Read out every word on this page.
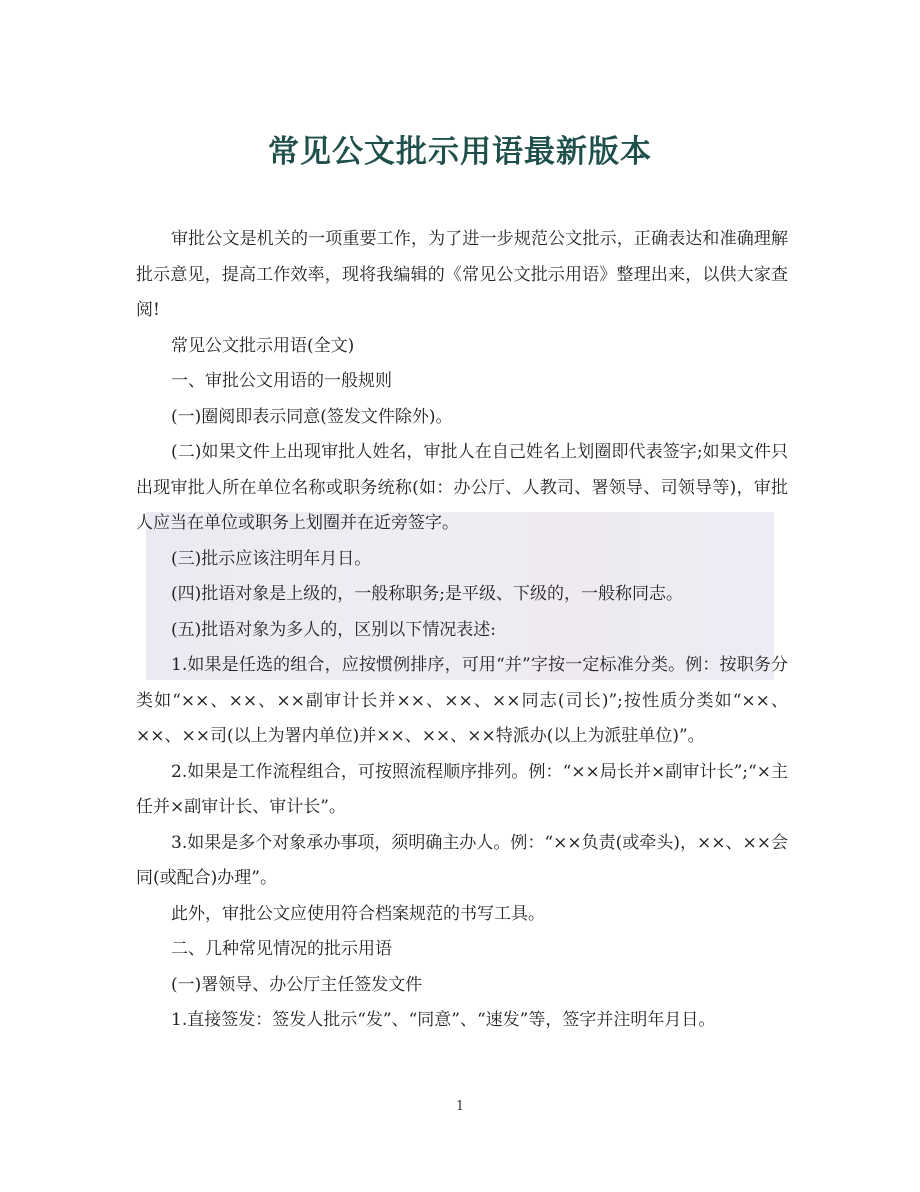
常见公文批示用语最新版本

审批公文是机关的一项重要工作，为了进一步规范公文批示，正确表达和准确理解批示意见，提高工作效率，现将我编辑的《常见公文批示用语》整理出来，以供大家查阅!

常见公文批示用语(全文)

一、审批公文用语的一般规则

(一)圈阅即表示同意(签发文件除外)。

(二)如果文件上出现审批人姓名，审批人在自己姓名上划圈即代表签字;如果文件只出现审批人所在单位名称或职务统称(如：办公厅、人教司、署领导、司领导等)，审批人应当在单位或职务上划圈并在近旁签字。

(三)批示应该注明年月日。

(四)批语对象是上级的，一般称职务;是平级、下级的，一般称同志。

(五)批语对象为多人的，区别以下情况表述:

1.如果是任选的组合，应按惯例排序，可用“并”字按一定标准分类。例：按职务分类如“××、××、××副审计长并××、××、××同志(司长)”;按性质分类如“××、××、××司(以上为署内单位)并××、××、××特派办(以上为派驻单位)”。

2.如果是工作流程组合，可按照流程顺序排列。例：“××局长并×副审计长”;“×主任并×副审计长、审计长”。

3.如果是多个对象承办事项，须明确主办人。例：“××负责(或牵头)，××、××会同(或配合)办理”。

此外，审批公文应使用符合档案规范的书写工具。

二、几种常见情况的批示用语

(一)署领导、办公厅主任签发文件

1.直接签发：签发人批示“发”、“同意”、“速发”等，签字并注明年月日。

1
